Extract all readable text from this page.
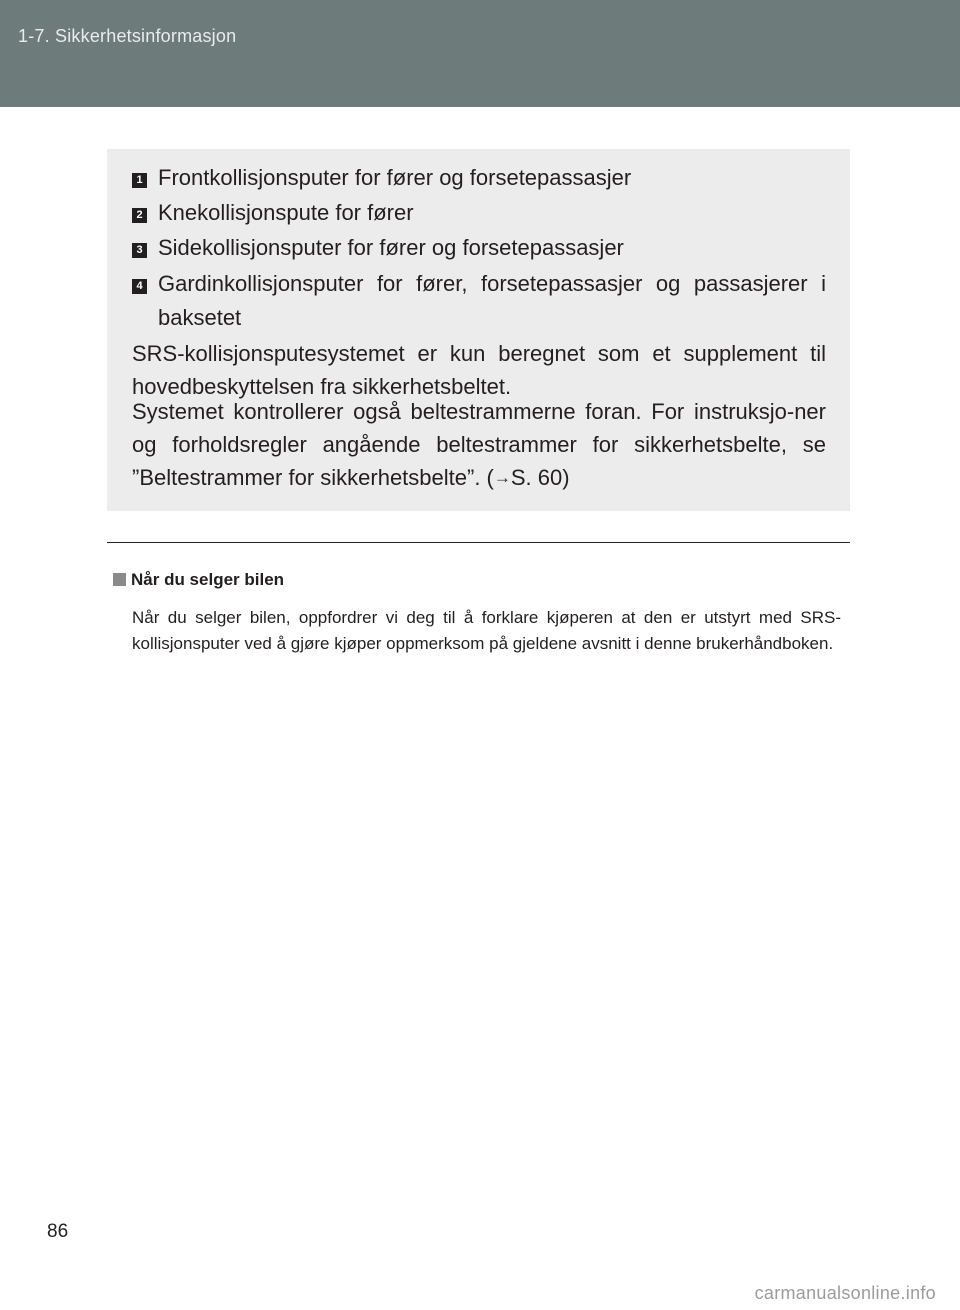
1-7. Sikkerhetsinformasjon
1 Frontkollisjonsputer for fører og forsetepassasjer
2 Knekollisjonspute for fører
3 Sidekollisjonsputer for fører og forsetepassasjer
4 Gardinkollisjonsputer for fører, forsetepassasjer og passasjerer i baksetet
SRS-kollisjonsputesystemet er kun beregnet som et supplement til hovedbeskyttelsen fra sikkerhetsbeltet.
Systemet kontrollerer også beltestrammerne foran. For instruksjo-ner og forholdsregler angående beltestrammer for sikkerhetsbelte, se ”Beltestrammer for sikkerhetsbelte”. (→S. 60)
Når du selger bilen
Når du selger bilen, oppfordrer vi deg til å forklare kjøperen at den er utstyrt med SRS-kollisjonsputer ved å gjøre kjøper oppmerksom på gjeldene avsnitt i denne brukerhåndboken.
86
carmanualsonline.info
